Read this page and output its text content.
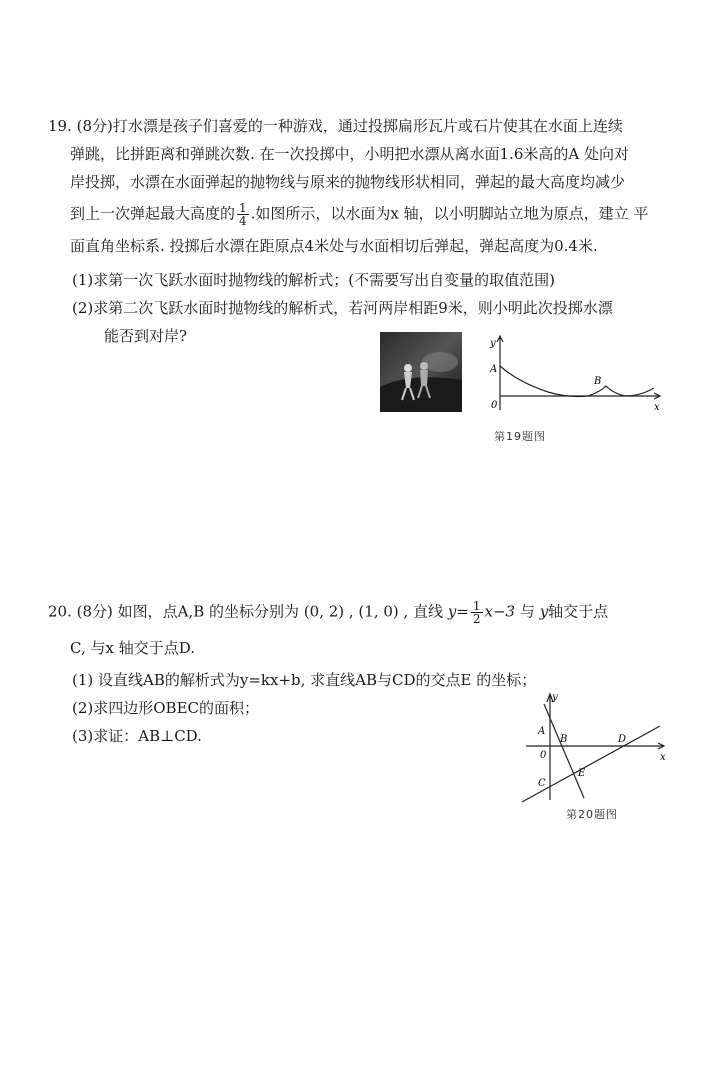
19. (8分)打水漂是孩子们喜爱的一种游戏，通过投掷扁形瓦片或石片使其在水面上连续
弹跳，比拼距离和弹跳次数. 在一次投掷中，小明把水漂从离水面1.6米高的A 处向对
岸投掷，水漂在水面弹起的抛物线与原来的抛物线形状相同，弹起的最大高度均减少
到上一次弹起最大高度的 $\frac{1}{4}$ .如图所示，以水面为x 轴，以小明脚站立地为原点，建立 平
面直角坐标系. 投掷后水漂在距原点4米处与水面相切后弹起，弹起高度为0.4米.
(1)求第一次飞跃水面时抛物线的解析式；(不需要写出自变量的取值范围)
(2)求第二次飞跃水面时抛物线的解析式，若河两岸相距9米，则小明此次投掷水漂
能否到对岸?	y
A
B
0	x
第19题图
20. (8分) 如图，点A,B 的坐标分别为 (0, 2) , (1, 0) , 直线 $y= \frac{1}{2} x-3$ 与 y轴交于点
C, 与x 轴交于点D.
(1) 设直线AB的解析式为y=kx+b, 求直线AB与CD的交点E 的坐标；
(2)求四边形OBEC的面积；
(3)求证：AB⊥CD.
y
A
B	D
0	x
C
E
第20题图
